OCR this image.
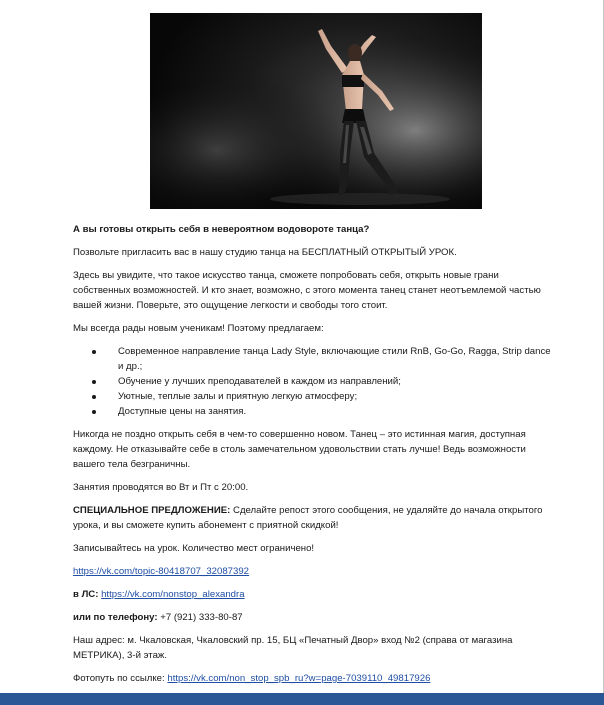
А вы готовы открыть себя в невероятном водовороте танца?

Позвольте пригласить вас в нашу студию танца на БЕСПЛАТНЫЙ ОТКРЫТЫЙ УРОК.

Здесь вы увидите, что такое искусство танца, сможете попробовать себя, открыть новые грани собственных возможностей. И кто знает, возможно, с этого момента танец станет неотъемлемой частью вашей жизни. Поверьте, это ощущение легкости и свободы того стоит.

Мы всегда рады новым ученикам! Поэтому предлагаем:

Современное направление танца Lady Style, включающие стили RnB, Go-Go, Ragga, Strip dance и др.;
Обучение у лучших преподавателей в каждом из направлений;
Уютные, теплые залы и приятную легкую атмосферу;
Доступные цены на занятия.

Никогда не поздно открыть себя в чем-то совершенно новом. Танец – это истинная магия, доступная каждому. Не отказывайте себе в столь замечательном удовольствии стать лучше! Ведь возможности вашего тела безграничны.

Занятия проводятся во Вт и Пт с 20:00.

СПЕЦИАЛЬНОЕ ПРЕДЛОЖЕНИЕ: Сделайте репост этого сообщения, не удаляйте до начала открытого урока, и вы сможете купить абонемент с приятной скидкой!

Записывайтесь на урок. Количество мест ограничено!

https://vk.com/topic-80418707_32087392

в ЛС: https://vk.com/nonstop_alexandra

или по телефону: +7 (921) 333-80-87

Наш адрес: м. Чкаловская, Чкаловский пр. 15, БЦ «Печатный Двор» вход №2 (справа от магазина МЕТРИКА), 3-й этаж.

Фотопуть по ссылке: https://vk.com/non_stop_spb_ru?w=page-7039110_49817926
